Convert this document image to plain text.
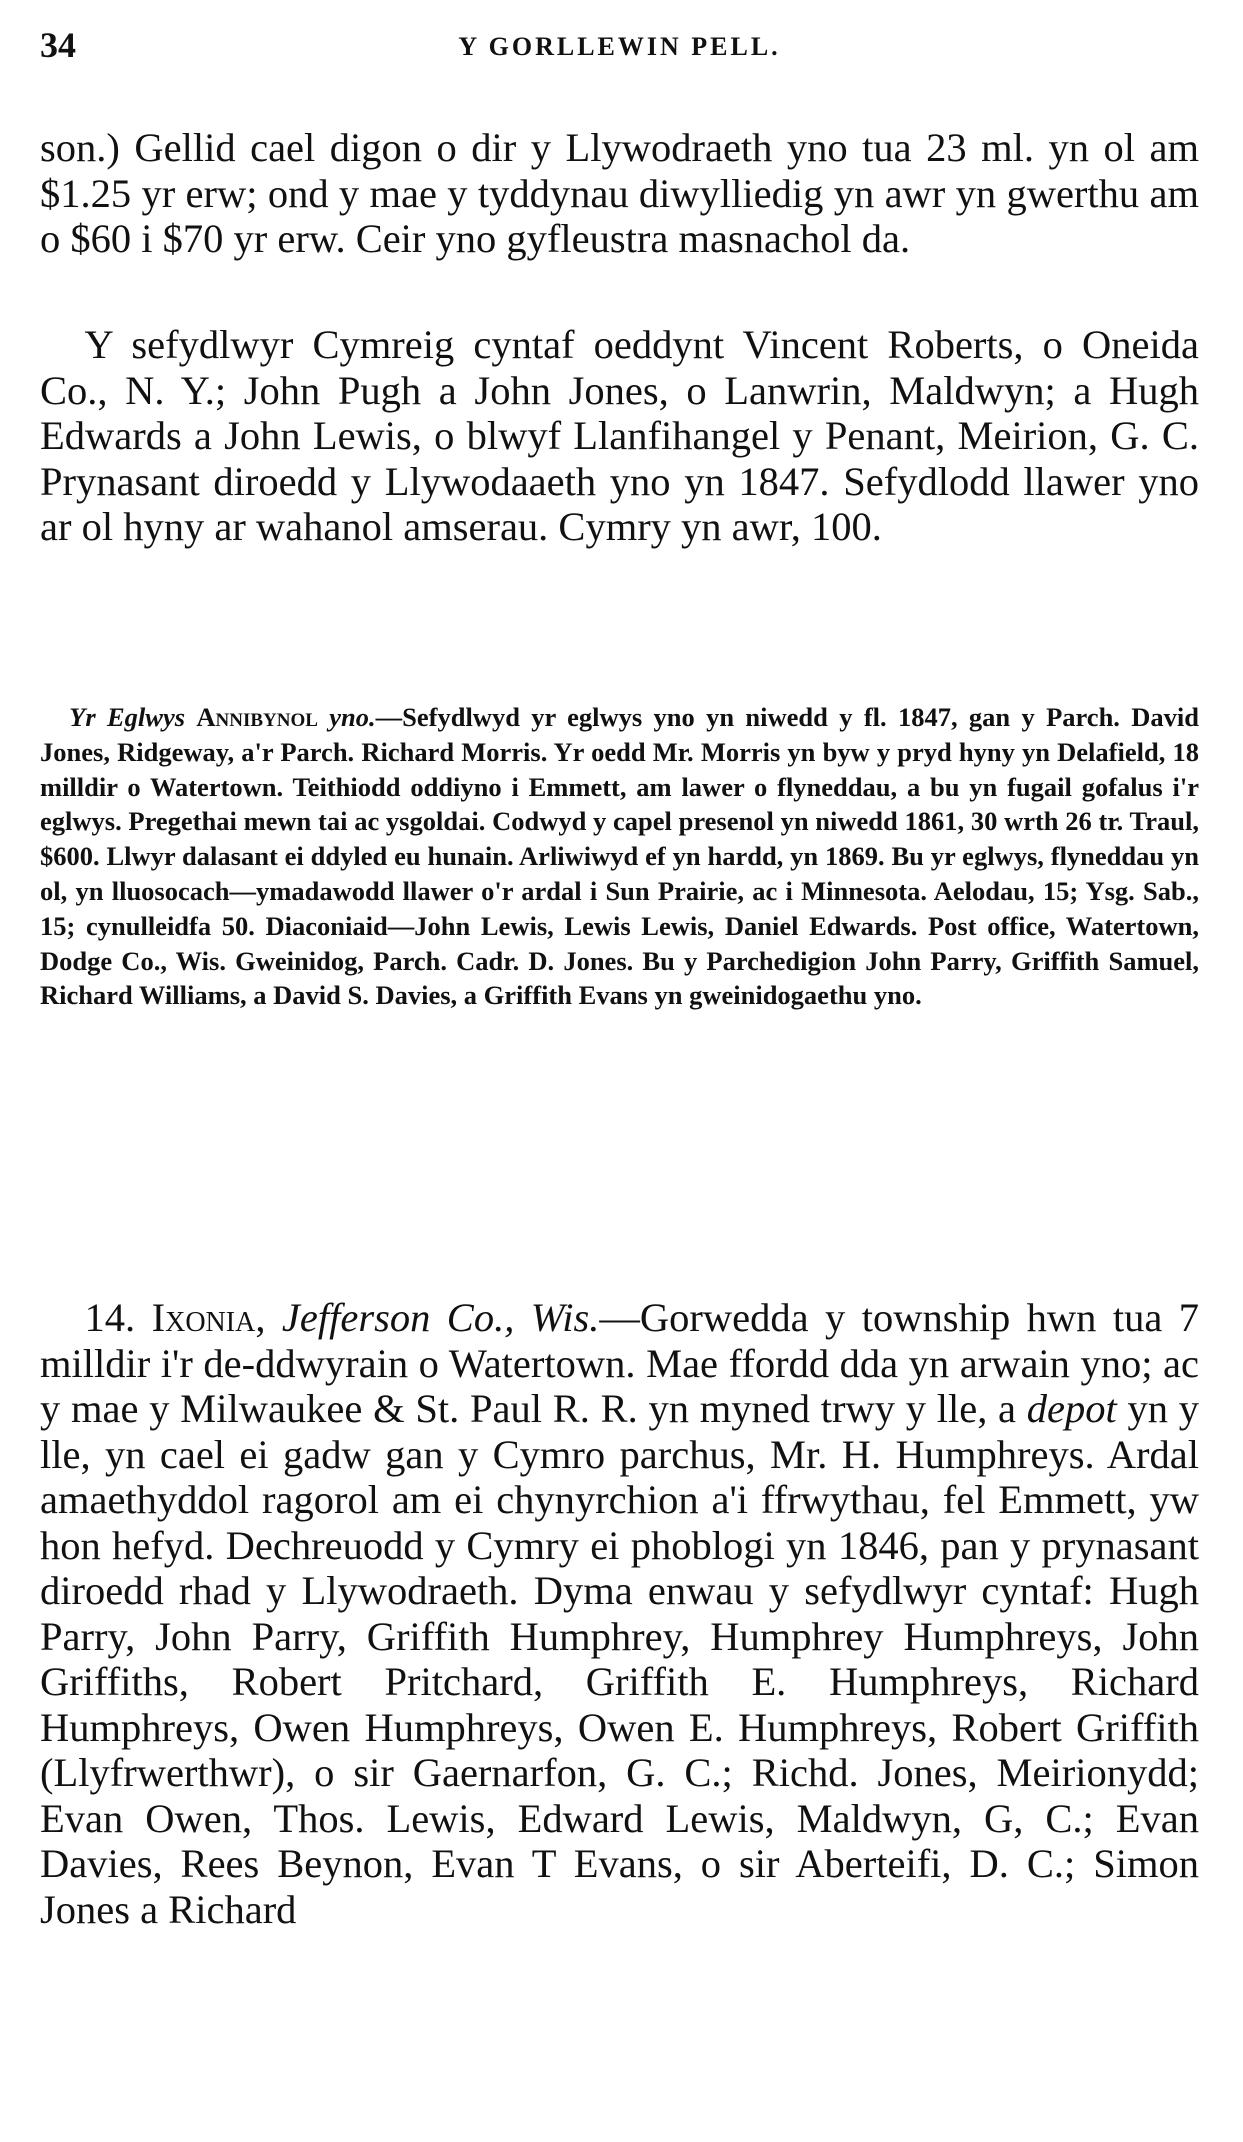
34	Y GORLLEWIN PELL.

son.) Gellid cael digon o dir y Llywodraeth yno tua 23 ml. yn ol am $1.25 yr erw; ond y mae y tyddynau diwylliedig yn awr yn gwerthu am o $60 i $70 yr erw. Ceir yno gyfleustra masnachol da.

Y sefydlwyr Cymreig cyntaf oeddynt Vincent Roberts, o Oneida Co., N. Y.; John Pugh a John Jones, o Lanwrin, Maldwyn; a Hugh Edwards a John Lewis, o blwyf Llanfihangel y Penant, Meirion, G. C. Prynasant diroedd y Llywodaaeth yno yn 1847. Sefydlodd llawer yno ar ol hyny ar wahanol amserau. Cymry yn awr, 100.

Yr Eglwys Annibynol yno.—Sefydlwyd yr eglwys yno yn niwedd y fl. 1847, gan y Parch. David Jones, Ridgeway, a'r Parch. Richard Morris. Yr oedd Mr. Morris yn byw y pryd hyny yn Delafield, 18 milldir o Watertown. Teithiodd oddiyno i Emmett, am lawer o flyneddau, a bu yn fugail gofalus i'r eglwys. Pregethai mewn tai ac ysgoldai. Codwyd y capel presenol yn niwedd 1861, 30 wrth 26 tr. Traul, $600. Llwyr dalasant ei ddyled eu hunain. Arliwiwyd ef yn hardd, yn 1869. Bu yr eglwys, flyneddau yn ol, yn lluosocach—ymadawodd llawer o'r ardal i Sun Prairie, ac i Minnesota. Aelodau, 15; Ysg. Sab., 15; cynulleidfa 50. Diaconiaid—John Lewis, Lewis Lewis, Daniel Edwards. Post office, Watertown, Dodge Co., Wis. Gweinidog, Parch. Cadr. D. Jones. Bu y Parchedigion John Parry, Griffith Samuel, Richard Williams, a David S. Davies, a Griffith Evans yn gweinidogaethu yno.

14. Ixonia, Jefferson Co., Wis.—Gorwedda y township hwn tua 7 milldir i'r de-ddwyrain o Watertown. Mae ffordd dda yn arwain yno; ac y mae y Milwaukee & St. Paul R. R. yn myned trwy y lle, a depot yn y lle, yn cael ei gadw gan y Cymro parchus, Mr. H. Humphreys. Ardal amaethyddol ragorol am ei chynyrchion a'i ffrwythau, fel Emmett, yw hon hefyd. Dechreuodd y Cymry ei phoblogi yn 1846, pan y prynasant diroedd rhad y Llywodraeth. Dyma enwau y sefydlwyr cyntaf: Hugh Parry, John Parry, Griffith Humphrey, Humphrey Humphreys, John Griffiths, Robert Pritchard, Griffith E. Humphreys, Richard Humphreys, Owen Humphreys, Owen E. Humphreys, Robert Griffith (Llyfrwerthwr), o sir Gaernarfon, G. C.; Richd. Jones, Meirionydd; Evan Owen, Thos. Lewis, Edward Lewis, Maldwyn, G, C.; Evan Davies, Rees Beynon, Evan T Evans, o sir Aberteifi, D. C.; Simon Jones a Richard
